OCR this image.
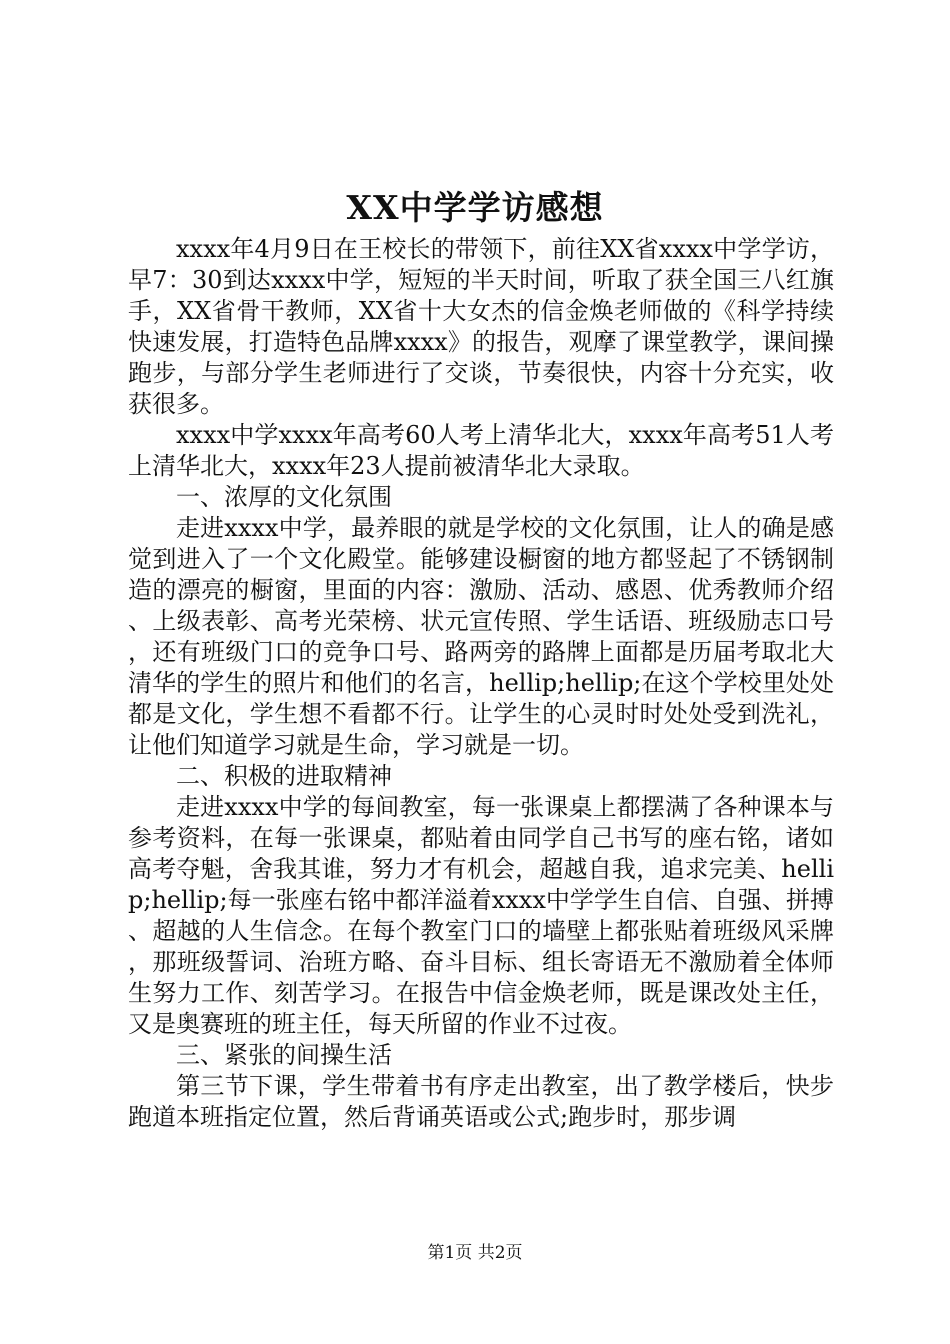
XX中学学访感想

xxxx年4月9日在王校长的带领下，前往XX省xxxx中学学访，早7：30到达xxxx中学，短短的半天时间，听取了获全国三八红旗手，XX省骨干教师，XX省十大女杰的信金焕老师做的《科学持续快速发展，打造特色品牌xxxx》的报告，观摩了课堂教学，课间操跑步，与部分学生老师进行了交谈，节奏很快，内容十分充实，收获很多。

xxxx中学xxxx年高考60人考上清华北大，xxxx年高考51人考上清华北大，xxxx年23人提前被清华北大录取。

一、浓厚的文化氛围

走进xxxx中学，最养眼的就是学校的文化氛围，让人的确是感觉到进入了一个文化殿堂。能够建设橱窗的地方都竖起了不锈钢制造的漂亮的橱窗，里面的内容：激励、活动、感恩、优秀教师介绍、上级表彰、高考光荣榜、状元宣传照、学生话语、班级励志口号，还有班级门口的竞争口号、路两旁的路牌上面都是历届考取北大清华的学生的照片和他们的名言，hellip;hellip;在这个学校里处处都是文化，学生想不看都不行。让学生的心灵时时处处受到洗礼，让他们知道学习就是生命，学习就是一切。

二、积极的进取精神

走进xxxx中学的每间教室，每一张课桌上都摆满了各种课本与参考资料，在每一张课桌，都贴着由同学自己书写的座右铭，诸如高考夺魁，舍我其谁，努力才有机会，超越自我，追求完美、hellip;hellip;每一张座右铭中都洋溢着xxxx中学学生自信、自强、拼搏、超越的人生信念。在每个教室门口的墙壁上都张贴着班级风采牌，那班级誓词、治班方略、奋斗目标、组长寄语无不激励着全体师生努力工作、刻苦学习。在报告中信金焕老师，既是课改处主任，又是奥赛班的班主任，每天所留的作业不过夜。

三、紧张的间操生活

第三节下课，学生带着书有序走出教室，出了教学楼后，快步跑道本班指定位置，然后背诵英语或公式;跑步时，那步调

第1页 共2页
